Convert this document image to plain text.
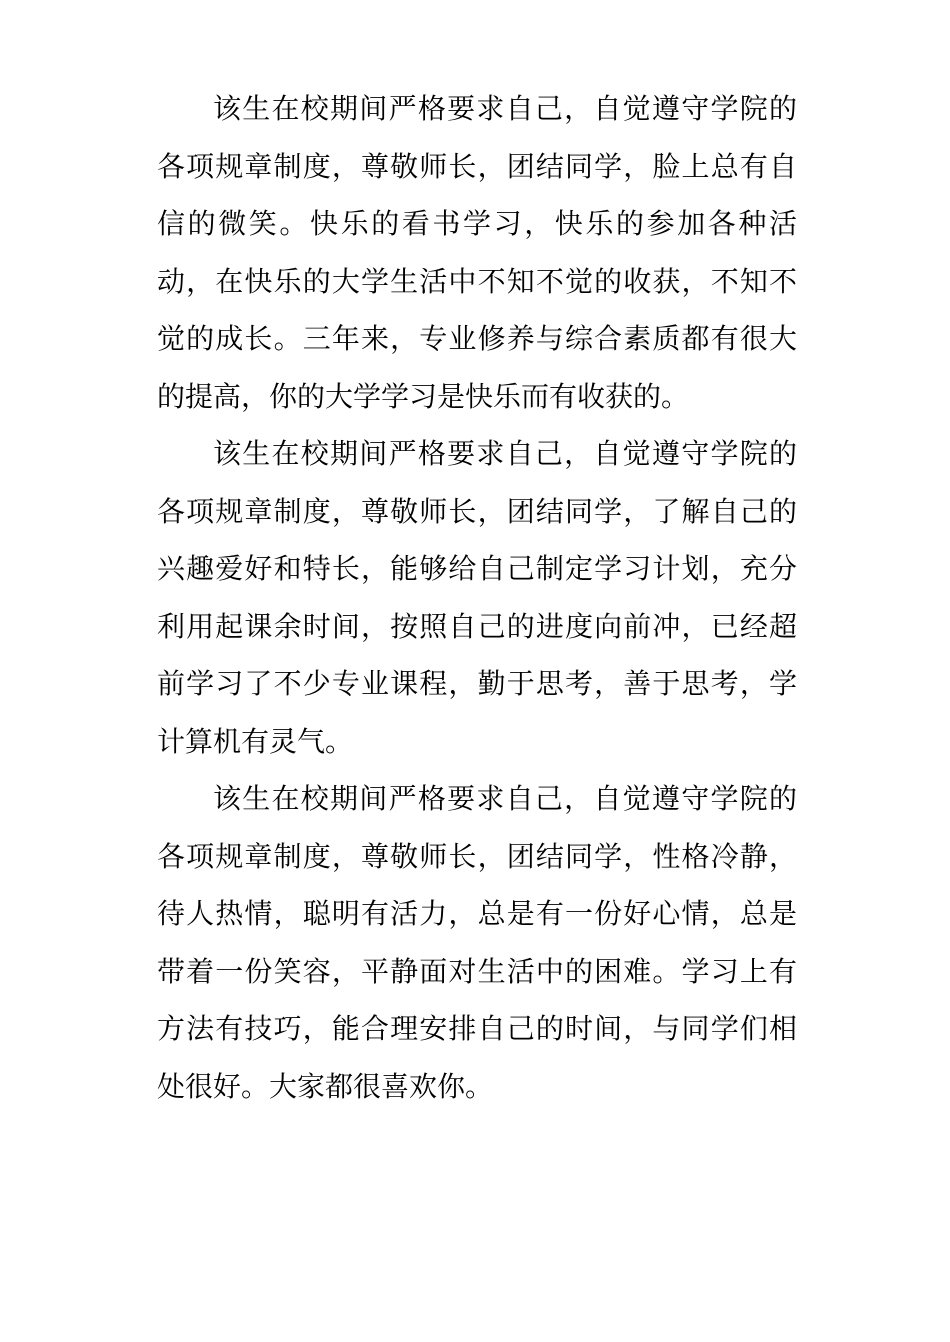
该生在校期间严格要求自己，自觉遵守学院的各项规章制度，尊敬师长，团结同学，脸上总有自信的微笑。快乐的看书学习，快乐的参加各种活动，在快乐的大学生活中不知不觉的收获，不知不觉的成长。三年来，专业修养与综合素质都有很大的提高，你的大学学习是快乐而有收获的。

该生在校期间严格要求自己，自觉遵守学院的各项规章制度，尊敬师长，团结同学，了解自己的兴趣爱好和特长，能够给自己制定学习计划，充分利用起课余时间，按照自己的进度向前冲，已经超前学习了不少专业课程，勤于思考，善于思考，学计算机有灵气。

该生在校期间严格要求自己，自觉遵守学院的各项规章制度，尊敬师长，团结同学，性格冷静，待人热情，聪明有活力，总是有一份好心情，总是带着一份笑容，平静面对生活中的困难。学习上有方法有技巧，能合理安排自己的时间，与同学们相处很好。大家都很喜欢你。
